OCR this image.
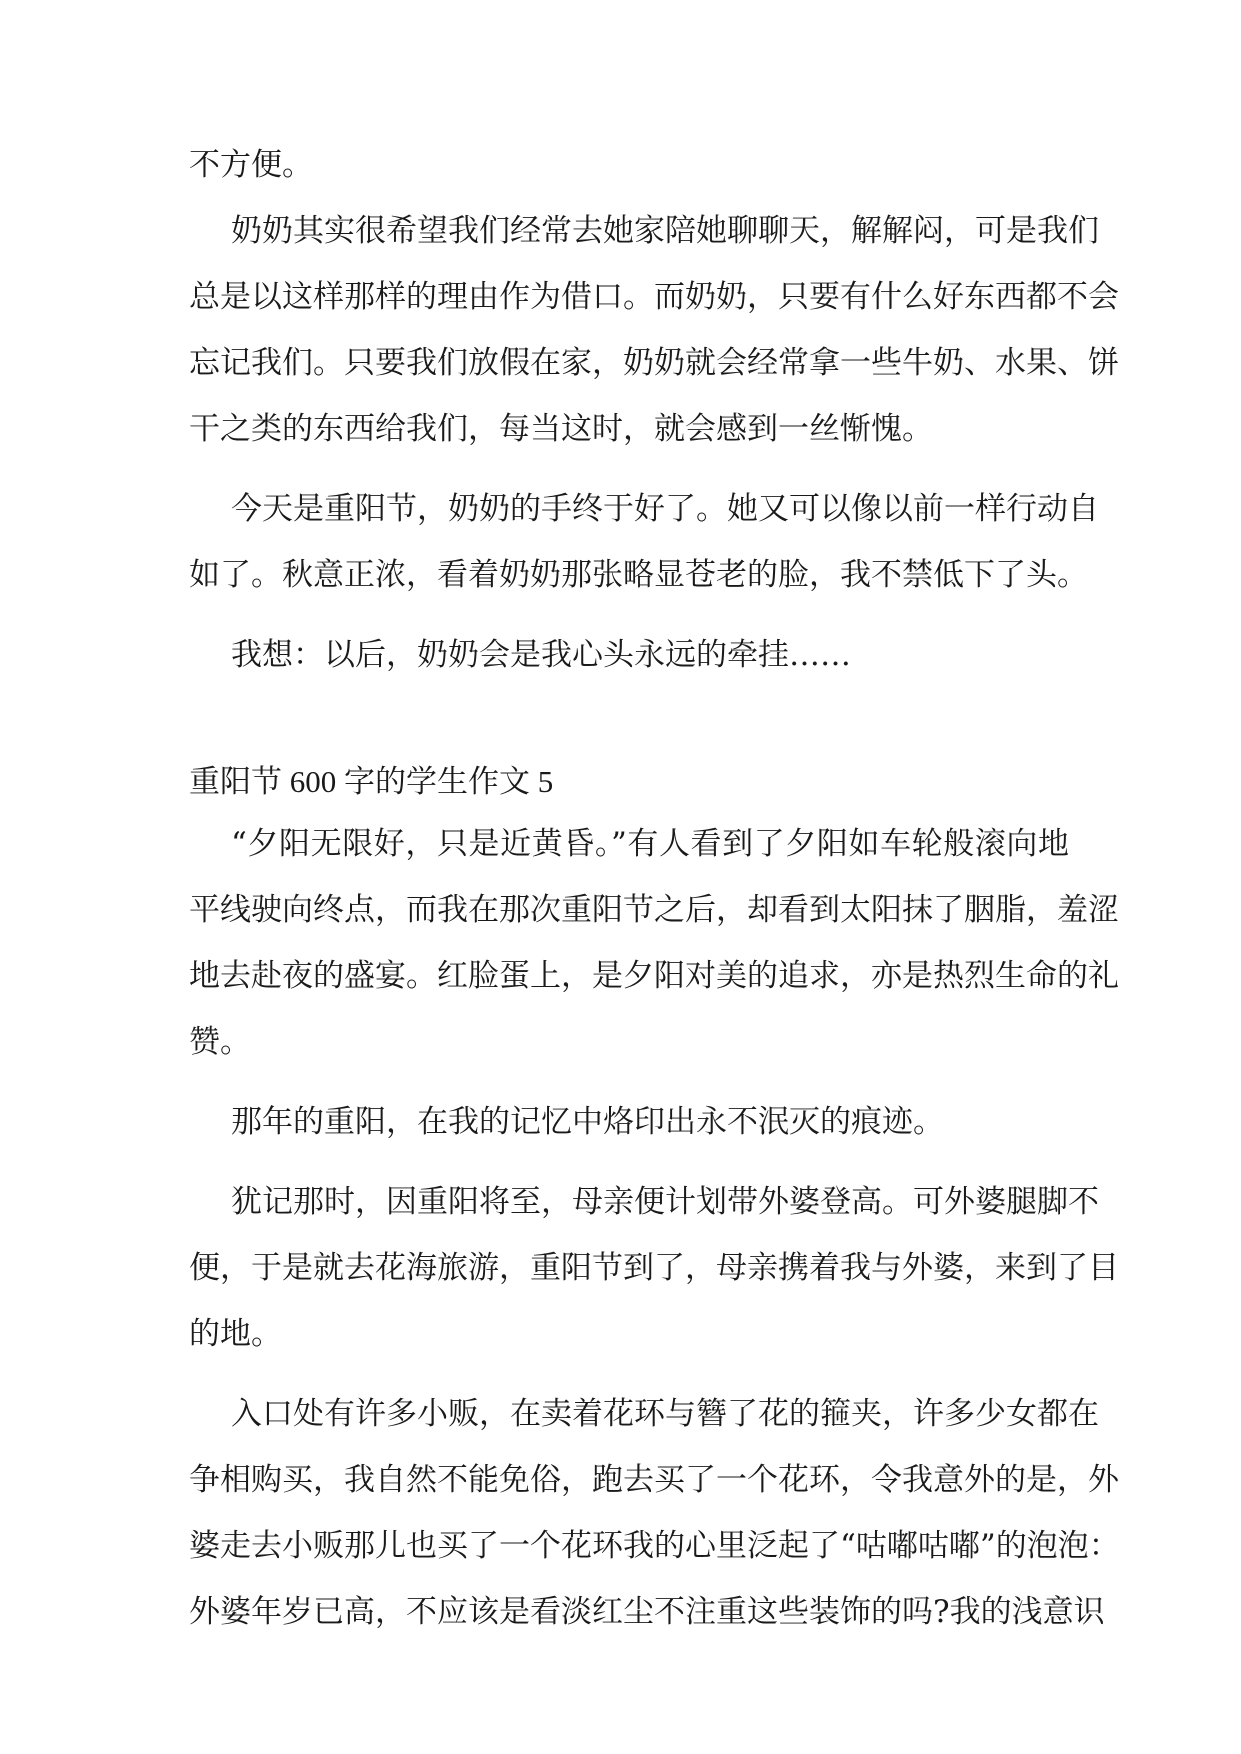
不方便。
奶奶其实很希望我们经常去她家陪她聊聊天，解解闷，可是我们
总是以这样那样的理由作为借口。而奶奶，只要有什么好东西都不会
忘记我们。只要我们放假在家，奶奶就会经常拿一些牛奶、水果、饼
干之类的东西给我们，每当这时，就会感到一丝惭愧。
今天是重阳节，奶奶的手终于好了。她又可以像以前一样行动自
如了。秋意正浓，看着奶奶那张略显苍老的脸，我不禁低下了头。
我想：以后，奶奶会是我心头永远的牵挂……
重阳节 600 字的学生作文 5
“夕阳无限好，只是近黄昏。”有人看到了夕阳如车轮般滚向地
平线驶向终点，而我在那次重阳节之后，却看到太阳抹了胭脂，羞涩
地去赴夜的盛宴。红脸蛋上，是夕阳对美的追求，亦是热烈生命的礼
赞。
那年的重阳，在我的记忆中烙印出永不泯灭的痕迹。
犹记那时，因重阳将至，母亲便计划带外婆登高。可外婆腿脚不
便，于是就去花海旅游，重阳节到了，母亲携着我与外婆，来到了目
的地。
入口处有许多小贩，在卖着花环与簪了花的箍夹，许多少女都在
争相购买，我自然不能免俗，跑去买了一个花环，令我意外的是，外
婆走去小贩那儿也买了一个花环我的心里泛起了“咕嘟咕嘟”的泡泡：
外婆年岁已高，不应该是看淡红尘不注重这些装饰的吗?我的浅意识
